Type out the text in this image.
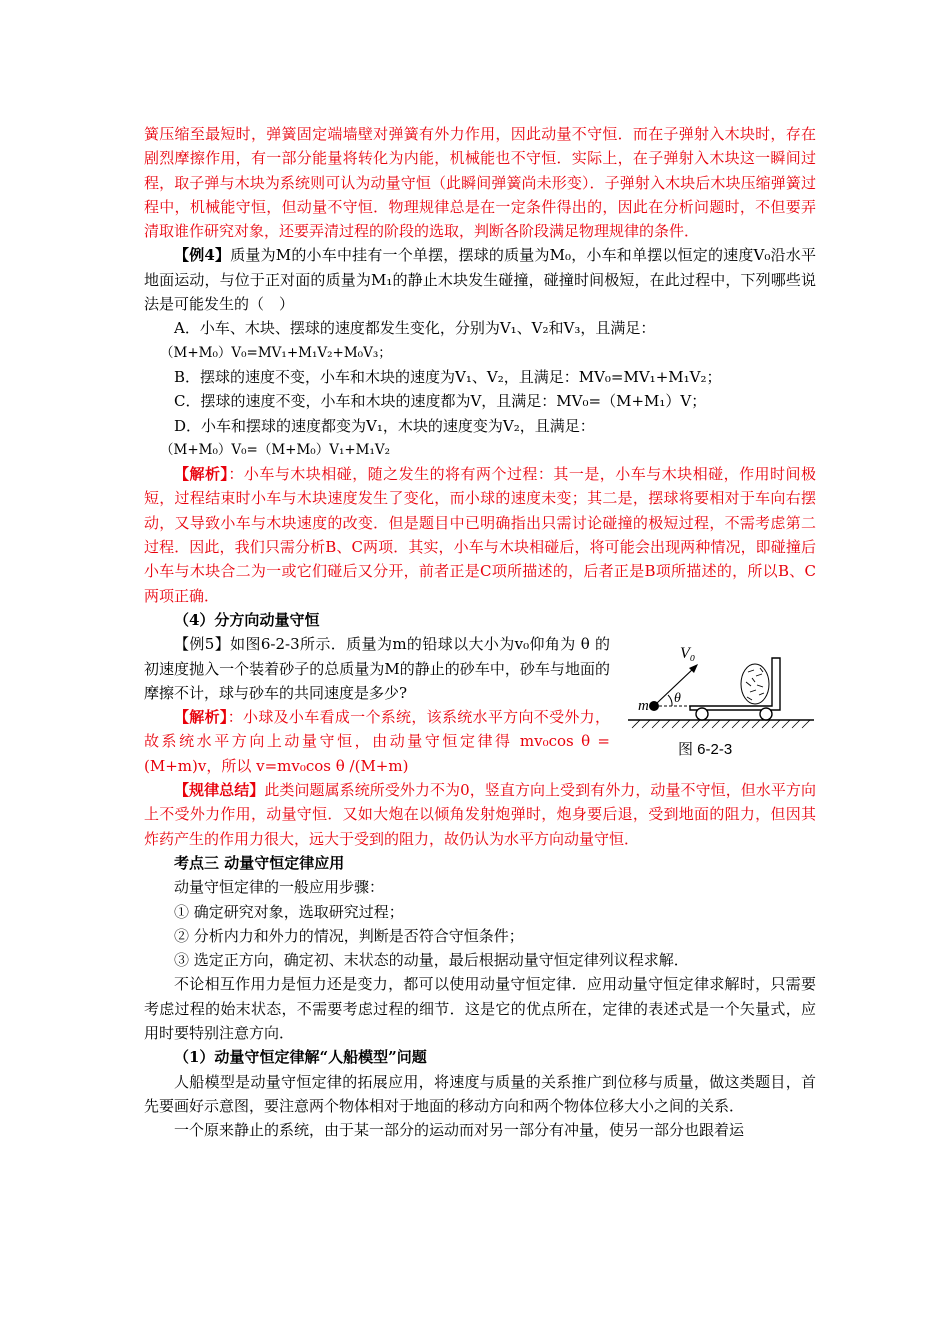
簧压缩至最短时，弹簧固定端墙壁对弹簧有外力作用，因此动量不守恒．而在子弹射入木块时，存在剧烈摩擦作用，有一部分能量将转化为内能，机械能也不守恒．实际上，在子弹射入木块这一瞬间过程，取子弹与木块为系统则可认为动量守恒（此瞬间弹簧尚未形变）．子弹射入木块后木块压缩弹簧过程中，机械能守恒，但动量不守恒．物理规律总是在一定条件得出的，因此在分析问题时，不但要弄清取谁作研究对象，还要弄清过程的阶段的选取，判断各阶段满足物理规律的条件．

【例4】质量为M的小车中挂有一个单摆，摆球的质量为M₀，小车和单摆以恒定的速度V₀沿水平地面运动，与位于正对面的质量为M₁的静止木块发生碰撞，碰撞时间极短，在此过程中，下列哪些说法是可能发生的（　）

A．小车、木块、摆球的速度都发生变化，分别为V₁、V₂和V₃，且满足：

（M+M₀）V₀=MV₁+M₁V₂+M₀V₃；

B．摆球的速度不变，小车和木块的速度为V₁、V₂，且满足：MV₀=MV₁+M₁V₂；

C．摆球的速度不变，小车和木块的速度都为V，且满足：MV₀=（M+M₁）V；

D．小车和摆球的速度都变为V₁，木块的速度变为V₂，且满足：

（M+M₀）V₀=（M+M₀）V₁+M₁V₂

【解析】：小车与木块相碰，随之发生的将有两个过程：其一是，小车与木块相碰，作用时间极短，过程结束时小车与木块速度发生了变化，而小球的速度未变；其二是，摆球将要相对于车向右摆动，又导致小车与木块速度的改变．但是题目中已明确指出只需讨论碰撞的极短过程，不需考虑第二过程．因此，我们只需分析B、C两项．其实，小车与木块相碰后，将可能会出现两种情况，即碰撞后小车与木块合二为一或它们碰后又分开，前者正是C项所描述的，后者正是B项所描述的，所以B、C两项正确．

（4）分方向动量守恒

【例5】如图6-2-3所示．质量为m的铅球以大小为v₀仰角为 θ 的初速度抛入一个装着砂子的总质量为M的静止的砂车中，砂车与地面的摩擦不计，球与砂车的共同速度是多少?

【解析】：小球及小车看成一个系统，该系统水平方向不受外力，故系统水平方向上动量守恒，由动量守恒定律得 mv₀cos θ =(M+m)v，所以 v=mv₀cos θ /(M+m)

V₀
m θ
图 6-2-3

【规律总结】此类问题属系统所受外力不为0，竖直方向上受到有外力，动量不守恒，但水平方向上不受外力作用，动量守恒．又如大炮在以倾角发射炮弹时，炮身要后退，受到地面的阻力，但因其炸药产生的作用力很大，远大于受到的阻力，故仍认为水平方向动量守恒．

考点三 动量守恒定律应用

动量守恒定律的一般应用步骤：

① 确定研究对象，选取研究过程；

② 分析内力和外力的情况，判断是否符合守恒条件；

③ 选定正方向，确定初、末状态的动量，最后根据动量守恒定律列议程求解．

不论相互作用力是恒力还是变力，都可以使用动量守恒定律．应用动量守恒定律求解时，只需要考虑过程的始末状态，不需要考虑过程的细节．这是它的优点所在，定律的表述式是一个矢量式，应用时要特别注意方向．

（1）动量守恒定律解“人船模型”问题

人船模型是动量守恒定律的拓展应用，将速度与质量的关系推广到位移与质量，做这类题目，首先要画好示意图，要注意两个物体相对于地面的移动方向和两个物体位移大小之间的关系．

一个原来静止的系统，由于某一部分的运动而对另一部分有冲量，使另一部分也跟着运
